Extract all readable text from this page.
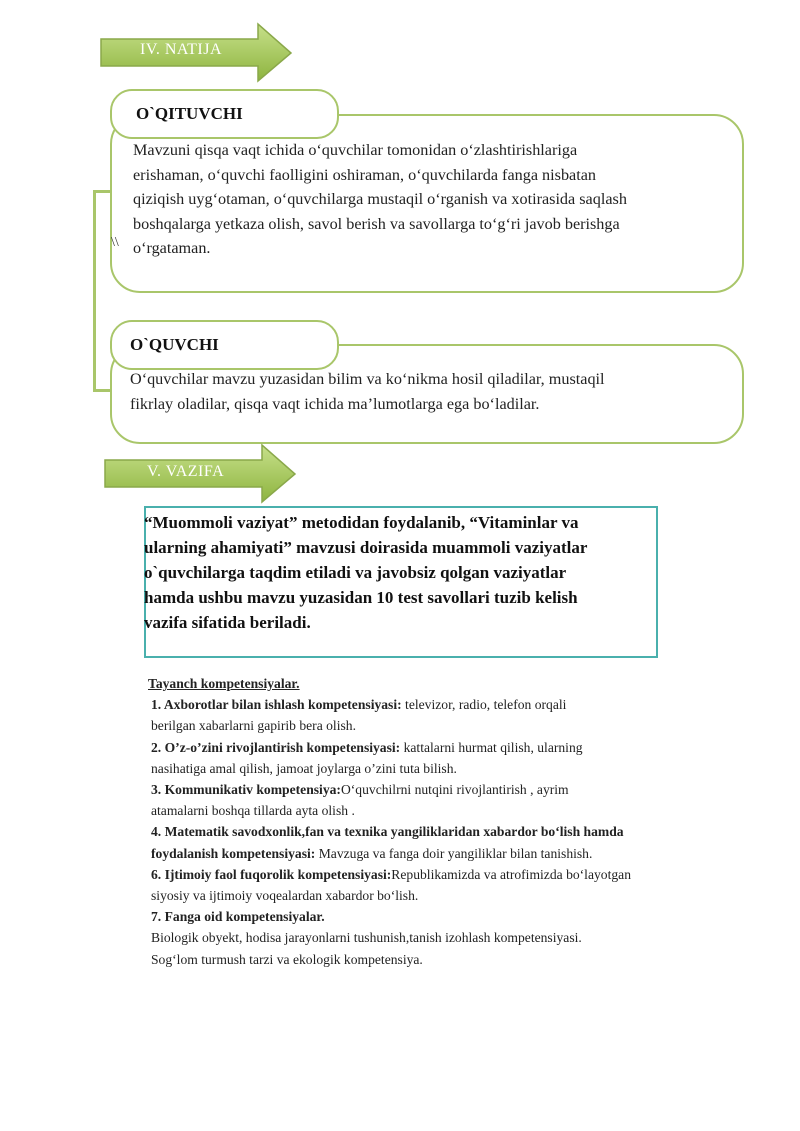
IV. NATIJA
O`QITUVCHI
Mavzuni qisqa vaqt ichida o‘quvchilar tomonidan o‘zlashtirishlariga
erishaman, o‘quvchi faolligini oshiraman, o‘quvchilarda fanga nisbatan
qiziqish uyg‘otaman, o‘quvchilarga mustaqil o‘rganish va xotirasida saqlash
boshqalarga yetkaza olish, savol berish va savollarga to‘g‘ri javob berishga
o‘rgataman.
\\
O`QUVCHI
O‘quvchilar mavzu yuzasidan bilim va ko‘nikma hosil qiladilar, mustaqil
fikrlay oladilar, qisqa vaqt ichida ma’lumotlarga ega bo‘ladilar.
V. VAZIFA
“Muommoli vaziyat” metodidan foydalanib, “Vitaminlar va
ularning ahamiyati” mavzusi doirasida muammoli vaziyatlar
o`quvchilarga taqdim etiladi va javobsiz qolgan vaziyatlar
hamda ushbu mavzu yuzasidan 10 test savollari tuzib kelish
vazifa sifatida beriladi.
Tayanch kompetensiyalar.
1. Axborotlar bilan ishlash kompetensiyasi: televizor, radio, telefon orqali
berilgan xabarlarni gapirib bera olish.
2. O’z-o’zini rivojlantirish kompetensiyasi: kattalarni hurmat qilish, ularning
nasihatiga amal qilish, jamoat joylarga o’zini tuta bilish.
3. Kommunikativ kompetensiya:O‘quvchilrni nutqini rivojlantirish , ayrim
atamalarni boshqa tillarda ayta olish .
4. Matematik savodxonlik,fan va texnika yangiliklaridan xabardor bo‘lish hamda
foydalanish kompetensiyasi: Mavzuga va fanga doir yangiliklar bilan tanishish.
6. Ijtimoiy faol fuqorolik kompetensiyasi:Republikamizda va atrofimizda bo‘layotgan
siyosiy va ijtimoiy voqealardan xabardor bo‘lish.
7. Fanga oid kompetensiyalar.
Biologik obyekt, hodisa jarayonlarni tushunish,tanish izohlash kompetensiyasi.
Sog‘lom turmush tarzi va ekologik kompetensiya.
